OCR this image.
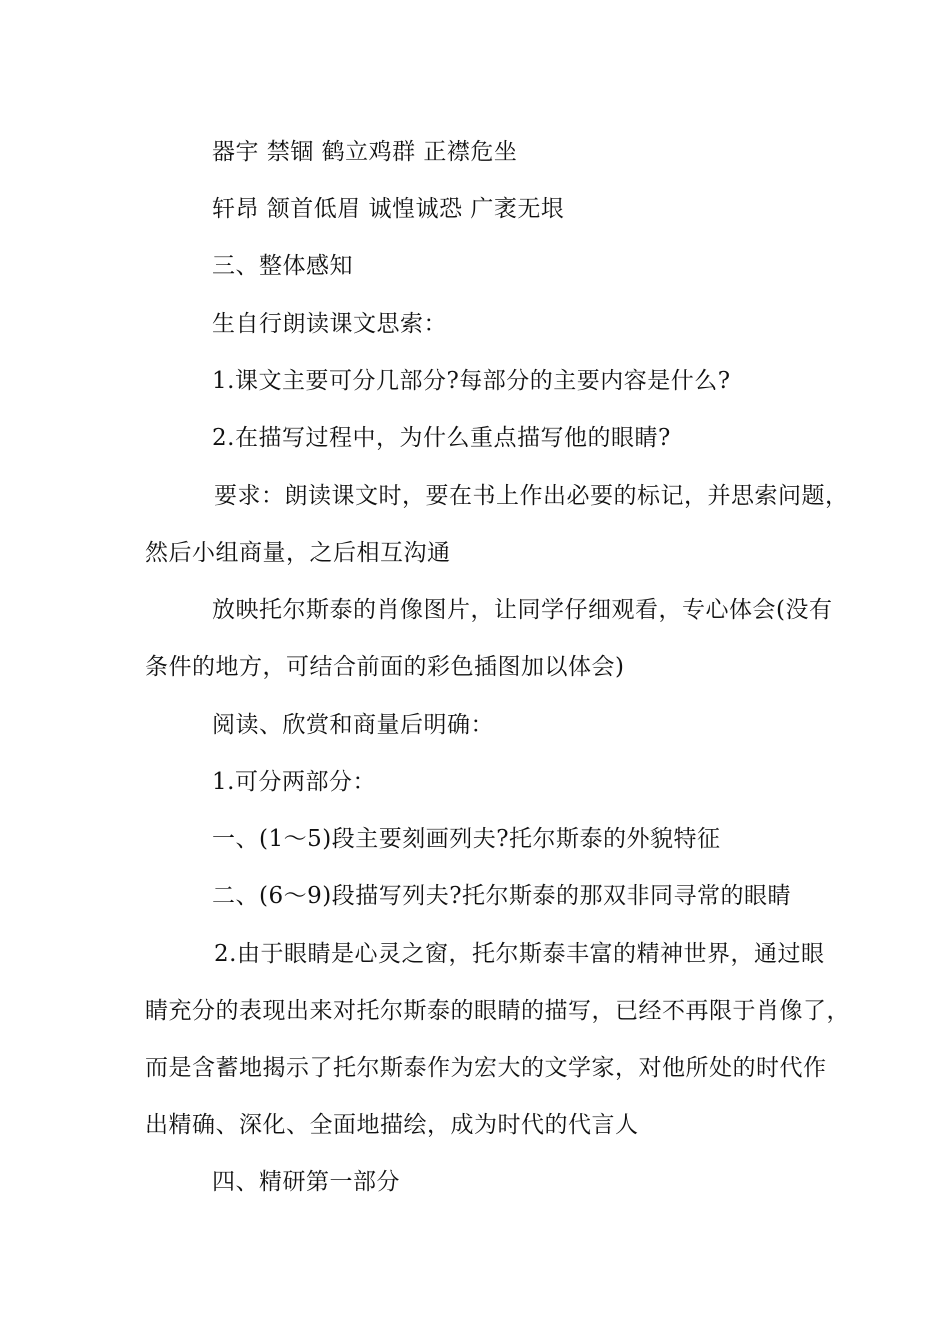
器宇 禁锢 鹤立鸡群 正襟危坐
轩昂 颔首低眉 诚惶诚恐 广袤无垠
三、整体感知
生自行朗读课文思索：
1.课文主要可分几部分?每部分的主要内容是什么?
2.在描写过程中，为什么重点描写他的眼睛?
要求：朗读课文时，要在书上作出必要的标记，并思索问题，
然后小组商量，之后相互沟通
放映托尔斯泰的肖像图片，让同学仔细观看，专心体会(没有
条件的地方，可结合前面的彩色插图加以体会)
阅读、欣赏和商量后明确：
1.可分两部分：
一、(1～5)段主要刻画列夫?托尔斯泰的外貌特征
二、(6～9)段描写列夫?托尔斯泰的那双非同寻常的眼睛
2.由于眼睛是心灵之窗，托尔斯泰丰富的精神世界，通过眼
睛充分的表现出来对托尔斯泰的眼睛的描写，已经不再限于肖像了，
而是含蓄地揭示了托尔斯泰作为宏大的文学家，对他所处的时代作
出精确、深化、全面地描绘，成为时代的代言人
四、精研第一部分
